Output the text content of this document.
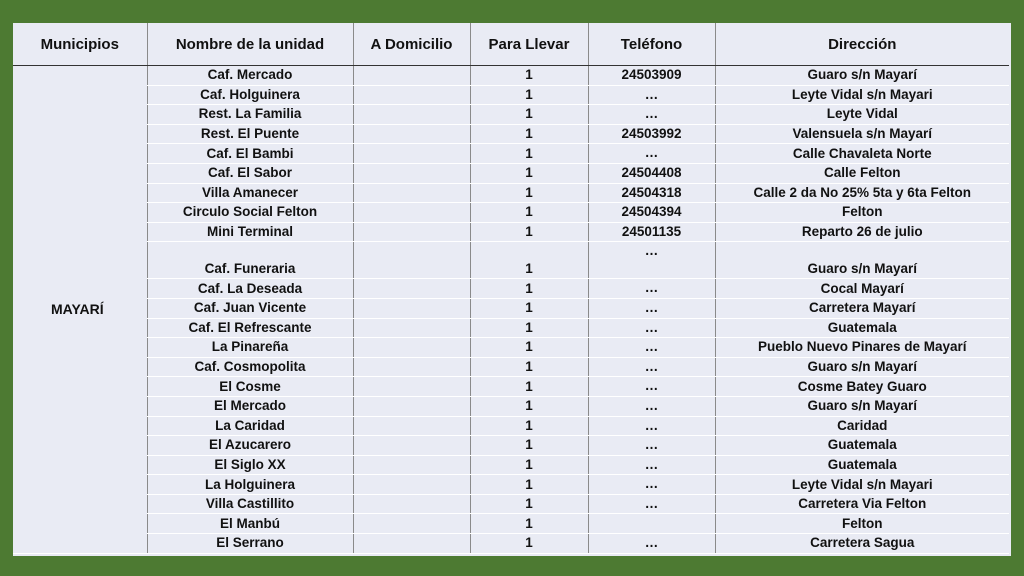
Municipios	Nombre de la unidad	A Domicilio	Para Llevar	Teléfono	Dirección
MAYARÍ	Caf. Mercado		1	24503909	Guaro s/n Mayarí
	Caf. Holguinera		1	…	Leyte Vidal s/n Mayari
	Rest. La Familia		1	…	Leyte Vidal
	Rest. El Puente		1	24503992	Valensuela s/n Mayarí
	Caf. El Bambi		1	…	Calle Chavaleta Norte
	Caf. El Sabor		1	24504408	Calle Felton
	Villa Amanecer		1	24504318	Calle 2 da No 25% 5ta y 6ta Felton
	Circulo Social Felton		1	24504394	Felton
	Mini Terminal		1	24501135	Reparto 26 de julio
	Caf. Funeraria		1	…	Guaro s/n Mayarí
	Caf. La Deseada		1	…	Cocal Mayarí
	Caf. Juan Vicente		1	…	Carretera Mayarí
	Caf. El Refrescante		1	…	Guatemala
	La Pinareña		1	…	Pueblo Nuevo Pinares de Mayarí
	Caf. Cosmopolita		1	…	Guaro s/n Mayarí
	El Cosme		1	…	Cosme Batey Guaro
	El Mercado		1	…	Guaro s/n Mayarí
	La Caridad		1	…	Caridad
	El Azucarero		1	…	Guatemala
	El Siglo XX		1	…	Guatemala
	La Holguinera		1	…	Leyte Vidal s/n Mayari
	Villa Castillito		1	…	Carretera Via Felton
	El Manbú		1		Felton
	El Serrano		1	…	Carretera Sagua
